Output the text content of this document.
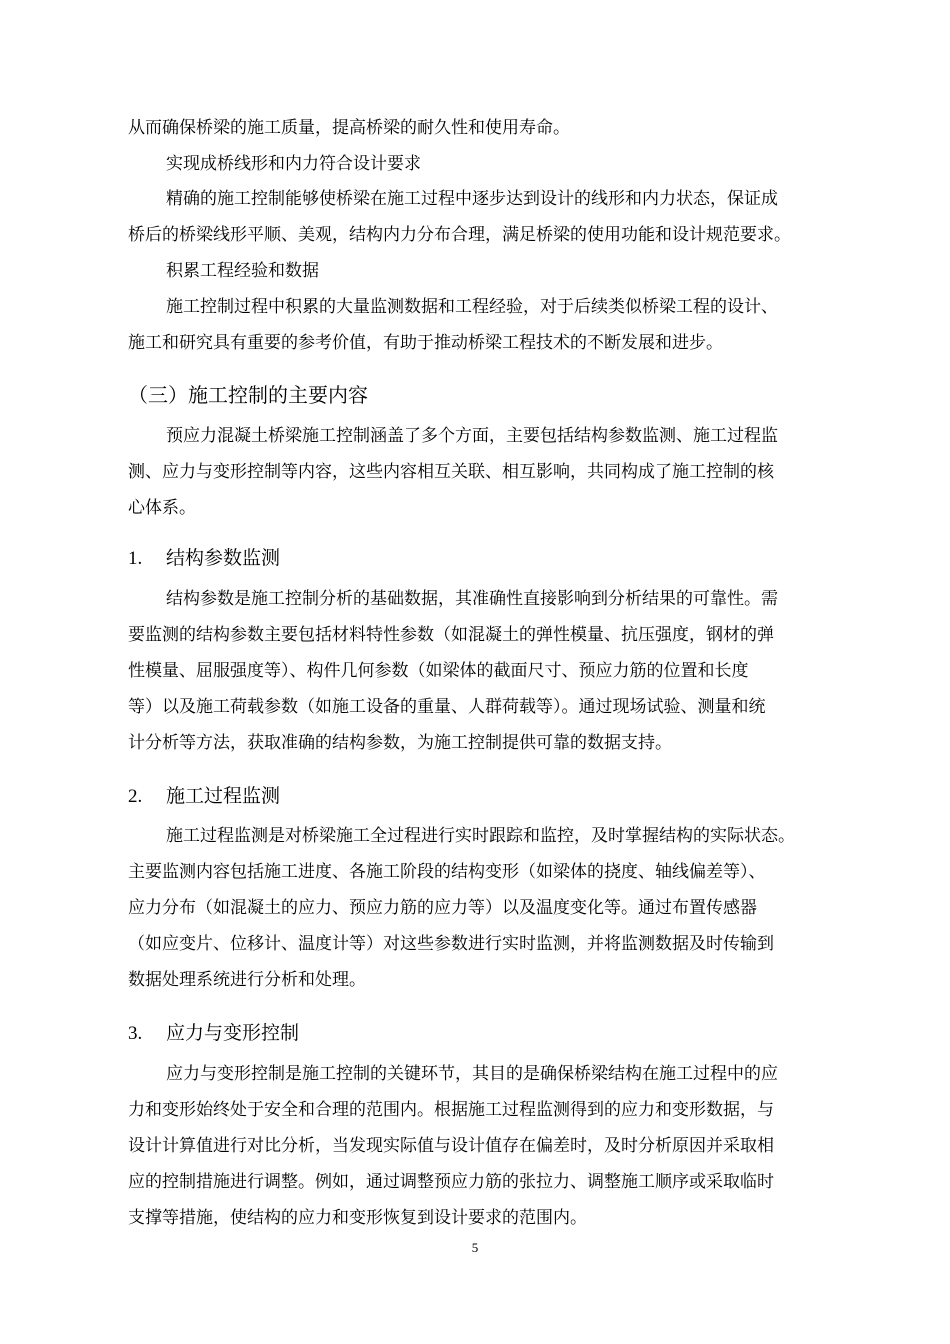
从而确保桥梁的施工质量，提高桥梁的耐久性和使用寿命。
实现成桥线形和内力符合设计要求
精确的施工控制能够使桥梁在施工过程中逐步达到设计的线形和内力状态，保证成
桥后的桥梁线形平顺、美观，结构内力分布合理，满足桥梁的使用功能和设计规范要求。
积累工程经验和数据
施工控制过程中积累的大量监测数据和工程经验，对于后续类似桥梁工程的设计、
施工和研究具有重要的参考价值，有助于推动桥梁工程技术的不断发展和进步。
（三）施工控制的主要内容
预应力混凝土桥梁施工控制涵盖了多个方面，主要包括结构参数监测、施工过程监
测、应力与变形控制等内容，这些内容相互关联、相互影响，共同构成了施工控制的核
心体系。
1. 结构参数监测
结构参数是施工控制分析的基础数据，其准确性直接影响到分析结果的可靠性。需
要监测的结构参数主要包括材料特性参数（如混凝土的弹性模量、抗压强度，钢材的弹
性模量、屈服强度等）、构件几何参数（如梁体的截面尺寸、预应力筋的位置和长度
等）以及施工荷载参数（如施工设备的重量、人群荷载等）。通过现场试验、测量和统
计分析等方法，获取准确的结构参数，为施工控制提供可靠的数据支持。
2. 施工过程监测
施工过程监测是对桥梁施工全过程进行实时跟踪和监控，及时掌握结构的实际状态。
主要监测内容包括施工进度、各施工阶段的结构变形（如梁体的挠度、轴线偏差等）、
应力分布（如混凝土的应力、预应力筋的应力等）以及温度变化等。通过布置传感器
（如应变片、位移计、温度计等）对这些参数进行实时监测，并将监测数据及时传输到
数据处理系统进行分析和处理。
3. 应力与变形控制
应力与变形控制是施工控制的关键环节，其目的是确保桥梁结构在施工过程中的应
力和变形始终处于安全和合理的范围内。根据施工过程监测得到的应力和变形数据，与
设计计算值进行对比分析，当发现实际值与设计值存在偏差时，及时分析原因并采取相
应的控制措施进行调整。例如，通过调整预应力筋的张拉力、调整施工顺序或采取临时
支撑等措施，使结构的应力和变形恢复到设计要求的范围内。
5
